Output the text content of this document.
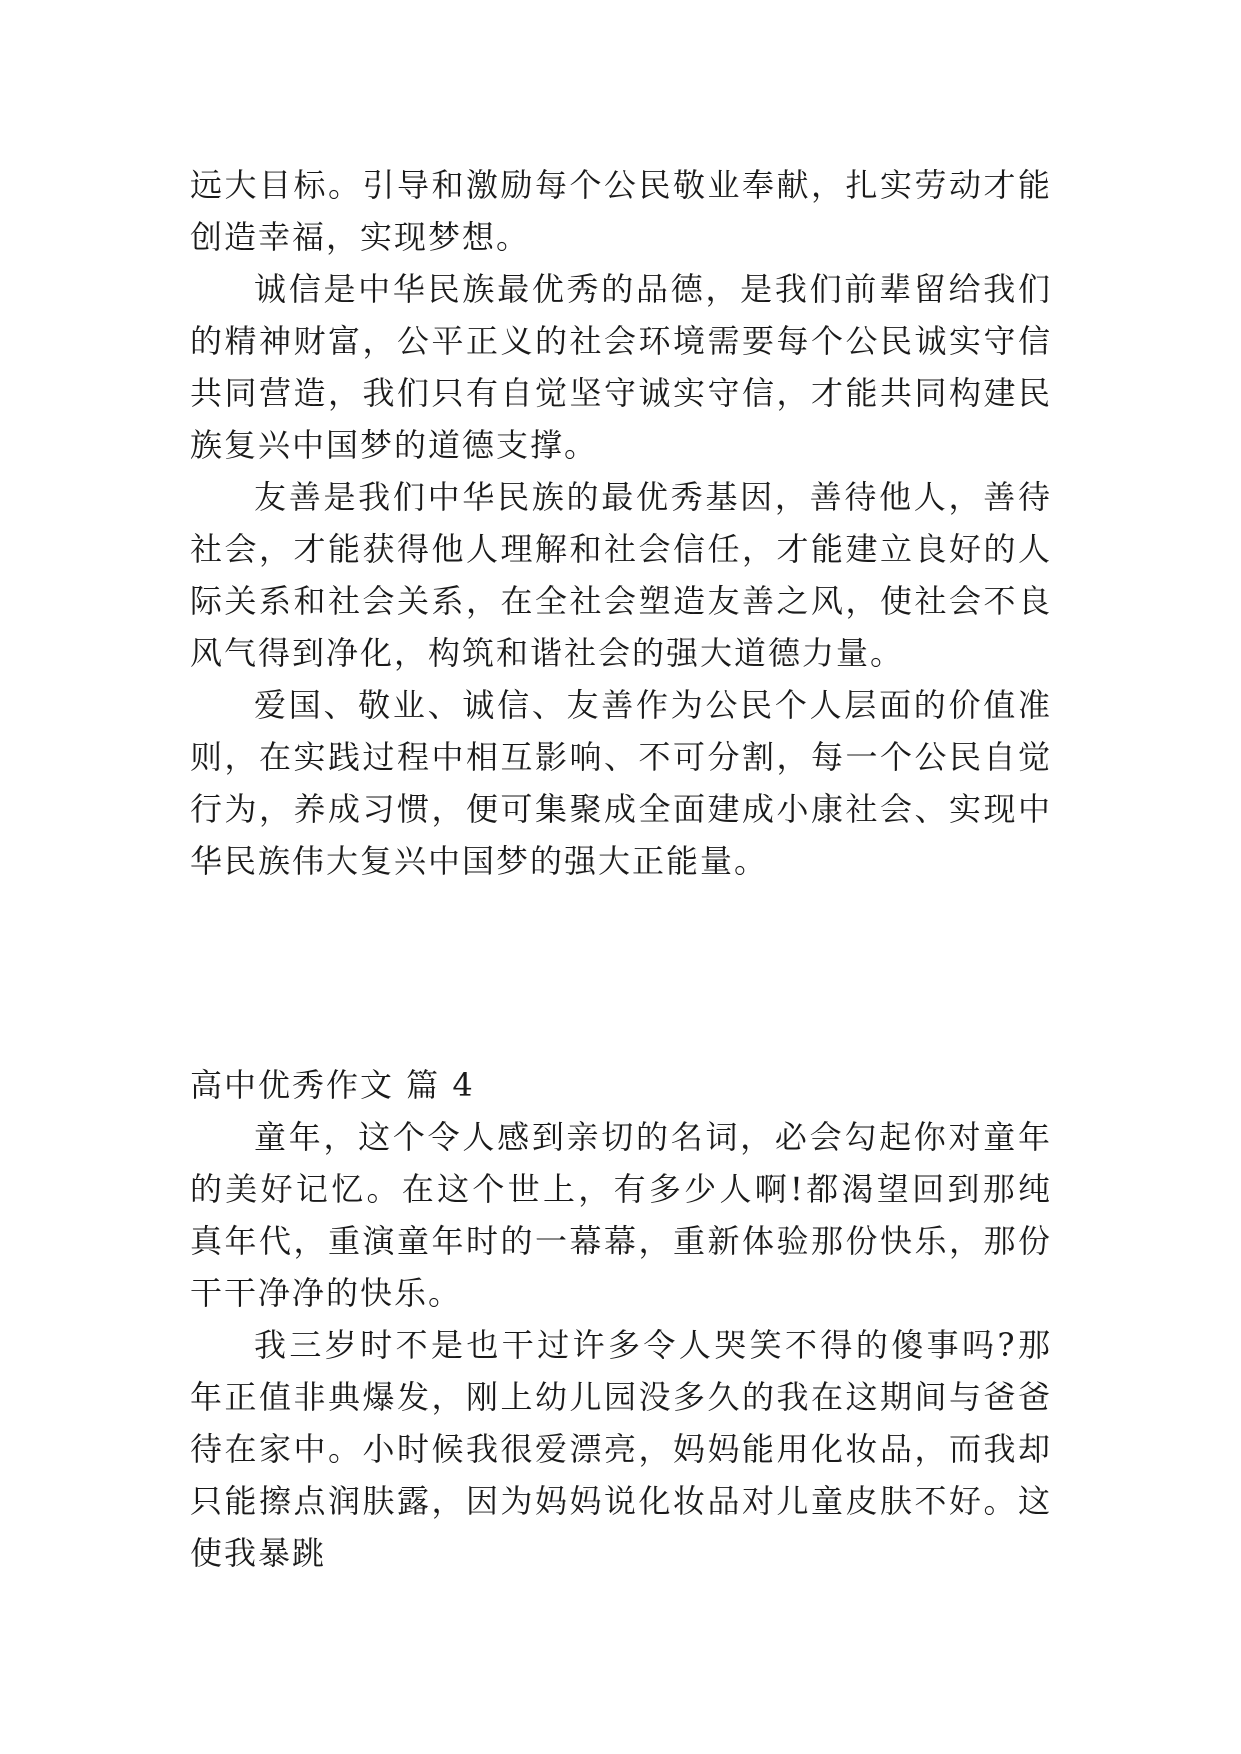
远大目标。引导和激励每个公民敬业奉献，扎实劳动才能创造幸福，实现梦想。

诚信是中华民族最优秀的品德，是我们前辈留给我们的精神财富，公平正义的社会环境需要每个公民诚实守信共同营造，我们只有自觉坚守诚实守信，才能共同构建民族复兴中国梦的道德支撑。

友善是我们中华民族的最优秀基因，善待他人，善待社会，才能获得他人理解和社会信任，才能建立良好的人际关系和社会关系，在全社会塑造友善之风，使社会不良风气得到净化，构筑和谐社会的强大道德力量。

爱国、敬业、诚信、友善作为公民个人层面的价值准则，在实践过程中相互影响、不可分割，每一个公民自觉行为，养成习惯，便可集聚成全面建成小康社会、实现中华民族伟大复兴中国梦的强大正能量。

高中优秀作文 篇 4

童年，这个令人感到亲切的名词，必会勾起你对童年的美好记忆。在这个世上，有多少人啊!都渴望回到那纯真年代，重演童年时的一幕幕，重新体验那份快乐，那份干干净净的快乐。

我三岁时不是也干过许多令人哭笑不得的傻事吗?那年正值非典爆发，刚上幼儿园没多久的我在这期间与爸爸待在家中。小时候我很爱漂亮，妈妈能用化妆品，而我却只能擦点润肤露，因为妈妈说化妆品对儿童皮肤不好。这使我暴跳
